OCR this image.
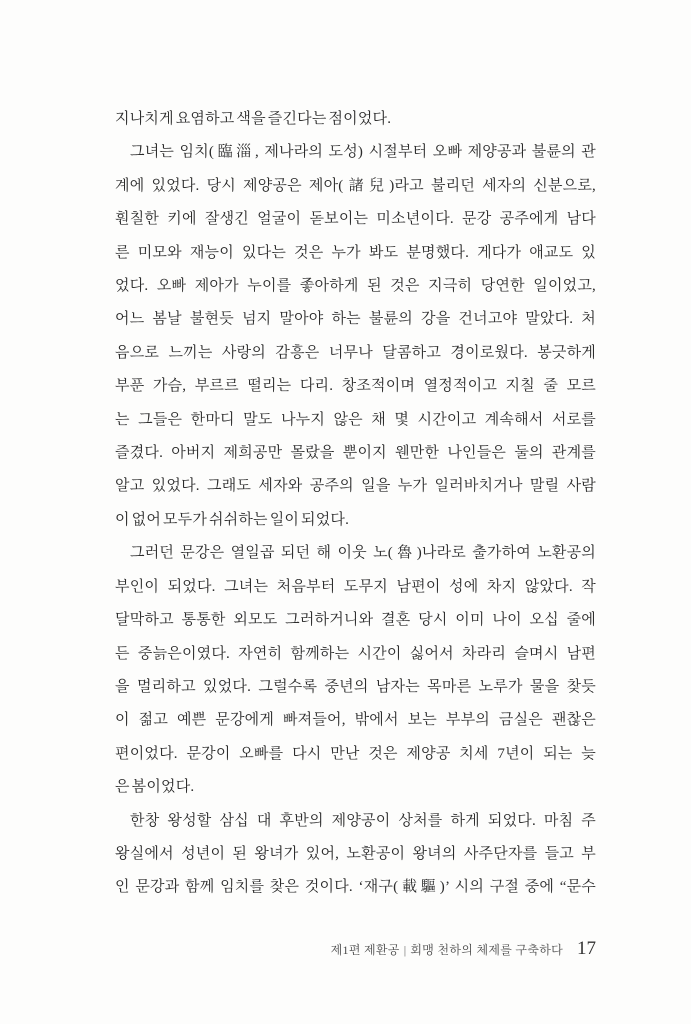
지나치게 요염하고 색을 즐긴다는 점이었다.
그녀는 임치(臨淄, 제나라의 도성) 시절부터 오빠 제양공과 불륜의 관
계에 있었다. 당시 제양공은 제아(諸兒)라고 불리던 세자의 신분으로,
훤칠한 키에 잘생긴 얼굴이 돋보이는 미소년이다. 문강 공주에게 남다
른 미모와 재능이 있다는 것은 누가 봐도 분명했다. 게다가 애교도 있
었다. 오빠 제아가 누이를 좋아하게 된 것은 지극히 당연한 일이었고,
어느 봄날 불현듯 넘지 말아야 하는 불륜의 강을 건너고야 말았다. 처
음으로 느끼는 사랑의 감흥은 너무나 달콤하고 경이로웠다. 봉긋하게
부푼 가슴, 부르르 떨리는 다리. 창조적이며 열정적이고 지칠 줄 모르
는 그들은 한마디 말도 나누지 않은 채 몇 시간이고 계속해서 서로를
즐겼다. 아버지 제희공만 몰랐을 뿐이지 웬만한 나인들은 둘의 관계를
알고 있었다. 그래도 세자와 공주의 일을 누가 일러바치거나 말릴 사람
이 없어 모두가 쉬쉬하는 일이 되었다.
그러던 문강은 열일곱 되던 해 이웃 노(魯)나라로 출가하여 노환공의
부인이 되었다. 그녀는 처음부터 도무지 남편이 성에 차지 않았다. 작
달막하고 통통한 외모도 그러하거니와 결혼 당시 이미 나이 오십 줄에
든 중늙은이였다. 자연히 함께하는 시간이 싫어서 차라리 슬며시 남편
을 멀리하고 있었다. 그럴수록 중년의 남자는 목마른 노루가 물을 찾듯
이 젊고 예쁜 문강에게 빠져들어, 밖에서 보는 부부의 금실은 괜찮은
편이었다. 문강이 오빠를 다시 만난 것은 제양공 치세 7년이 되는 늦
은 봄이었다.
한창 왕성할 삼십 대 후반의 제양공이 상처를 하게 되었다. 마침 주
왕실에서 성년이 된 왕녀가 있어, 노환공이 왕녀의 사주단자를 들고 부
인 문강과 함께 임치를 찾은 것이다. ‘재구(載驅)’ 시의 구절 중에 “문수
제1편 제환공 | 회맹 천하의 체제를 구축하다 17
